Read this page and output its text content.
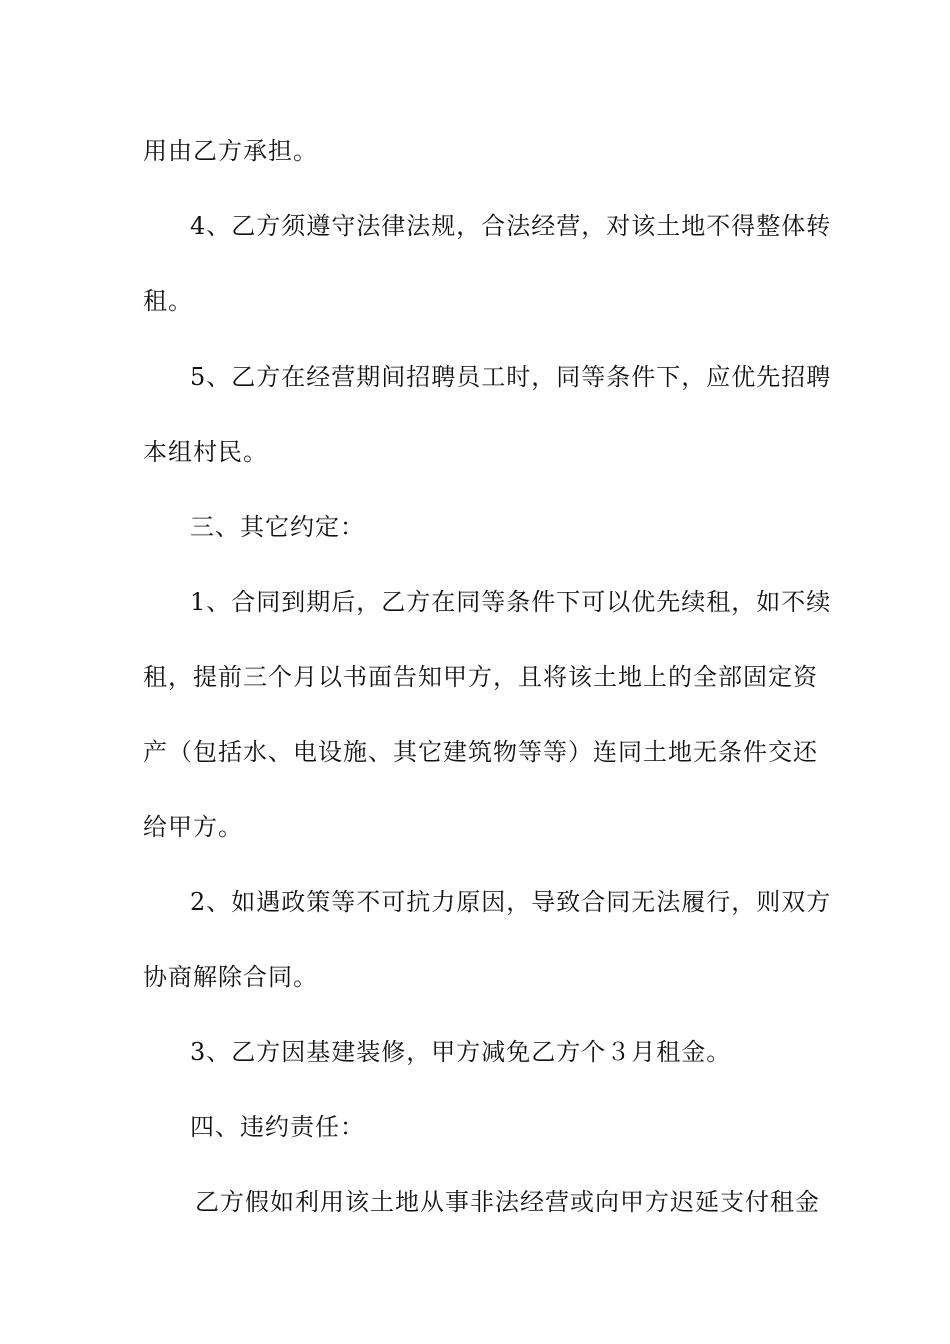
用由乙方承担。
4、乙方须遵守法律法规，合法经营，对该土地不得整体转
租。
5、乙方在经营期间招聘员工时，同等条件下，应优先招聘
本组村民。
三、其它约定：
1、合同到期后，乙方在同等条件下可以优先续租，如不续
租，提前三个月以书面告知甲方，且将该土地上的全部固定资
产（包括水、电设施、其它建筑物等等）连同土地无条件交还
给甲方。
2、如遇政策等不可抗力原因，导致合同无法履行，则双方
协商解除合同。
3、乙方因基建装修，甲方减免乙方个３月租金。
四、违约责任：
乙方假如利用该土地从事非法经营或向甲方迟延支付租金
